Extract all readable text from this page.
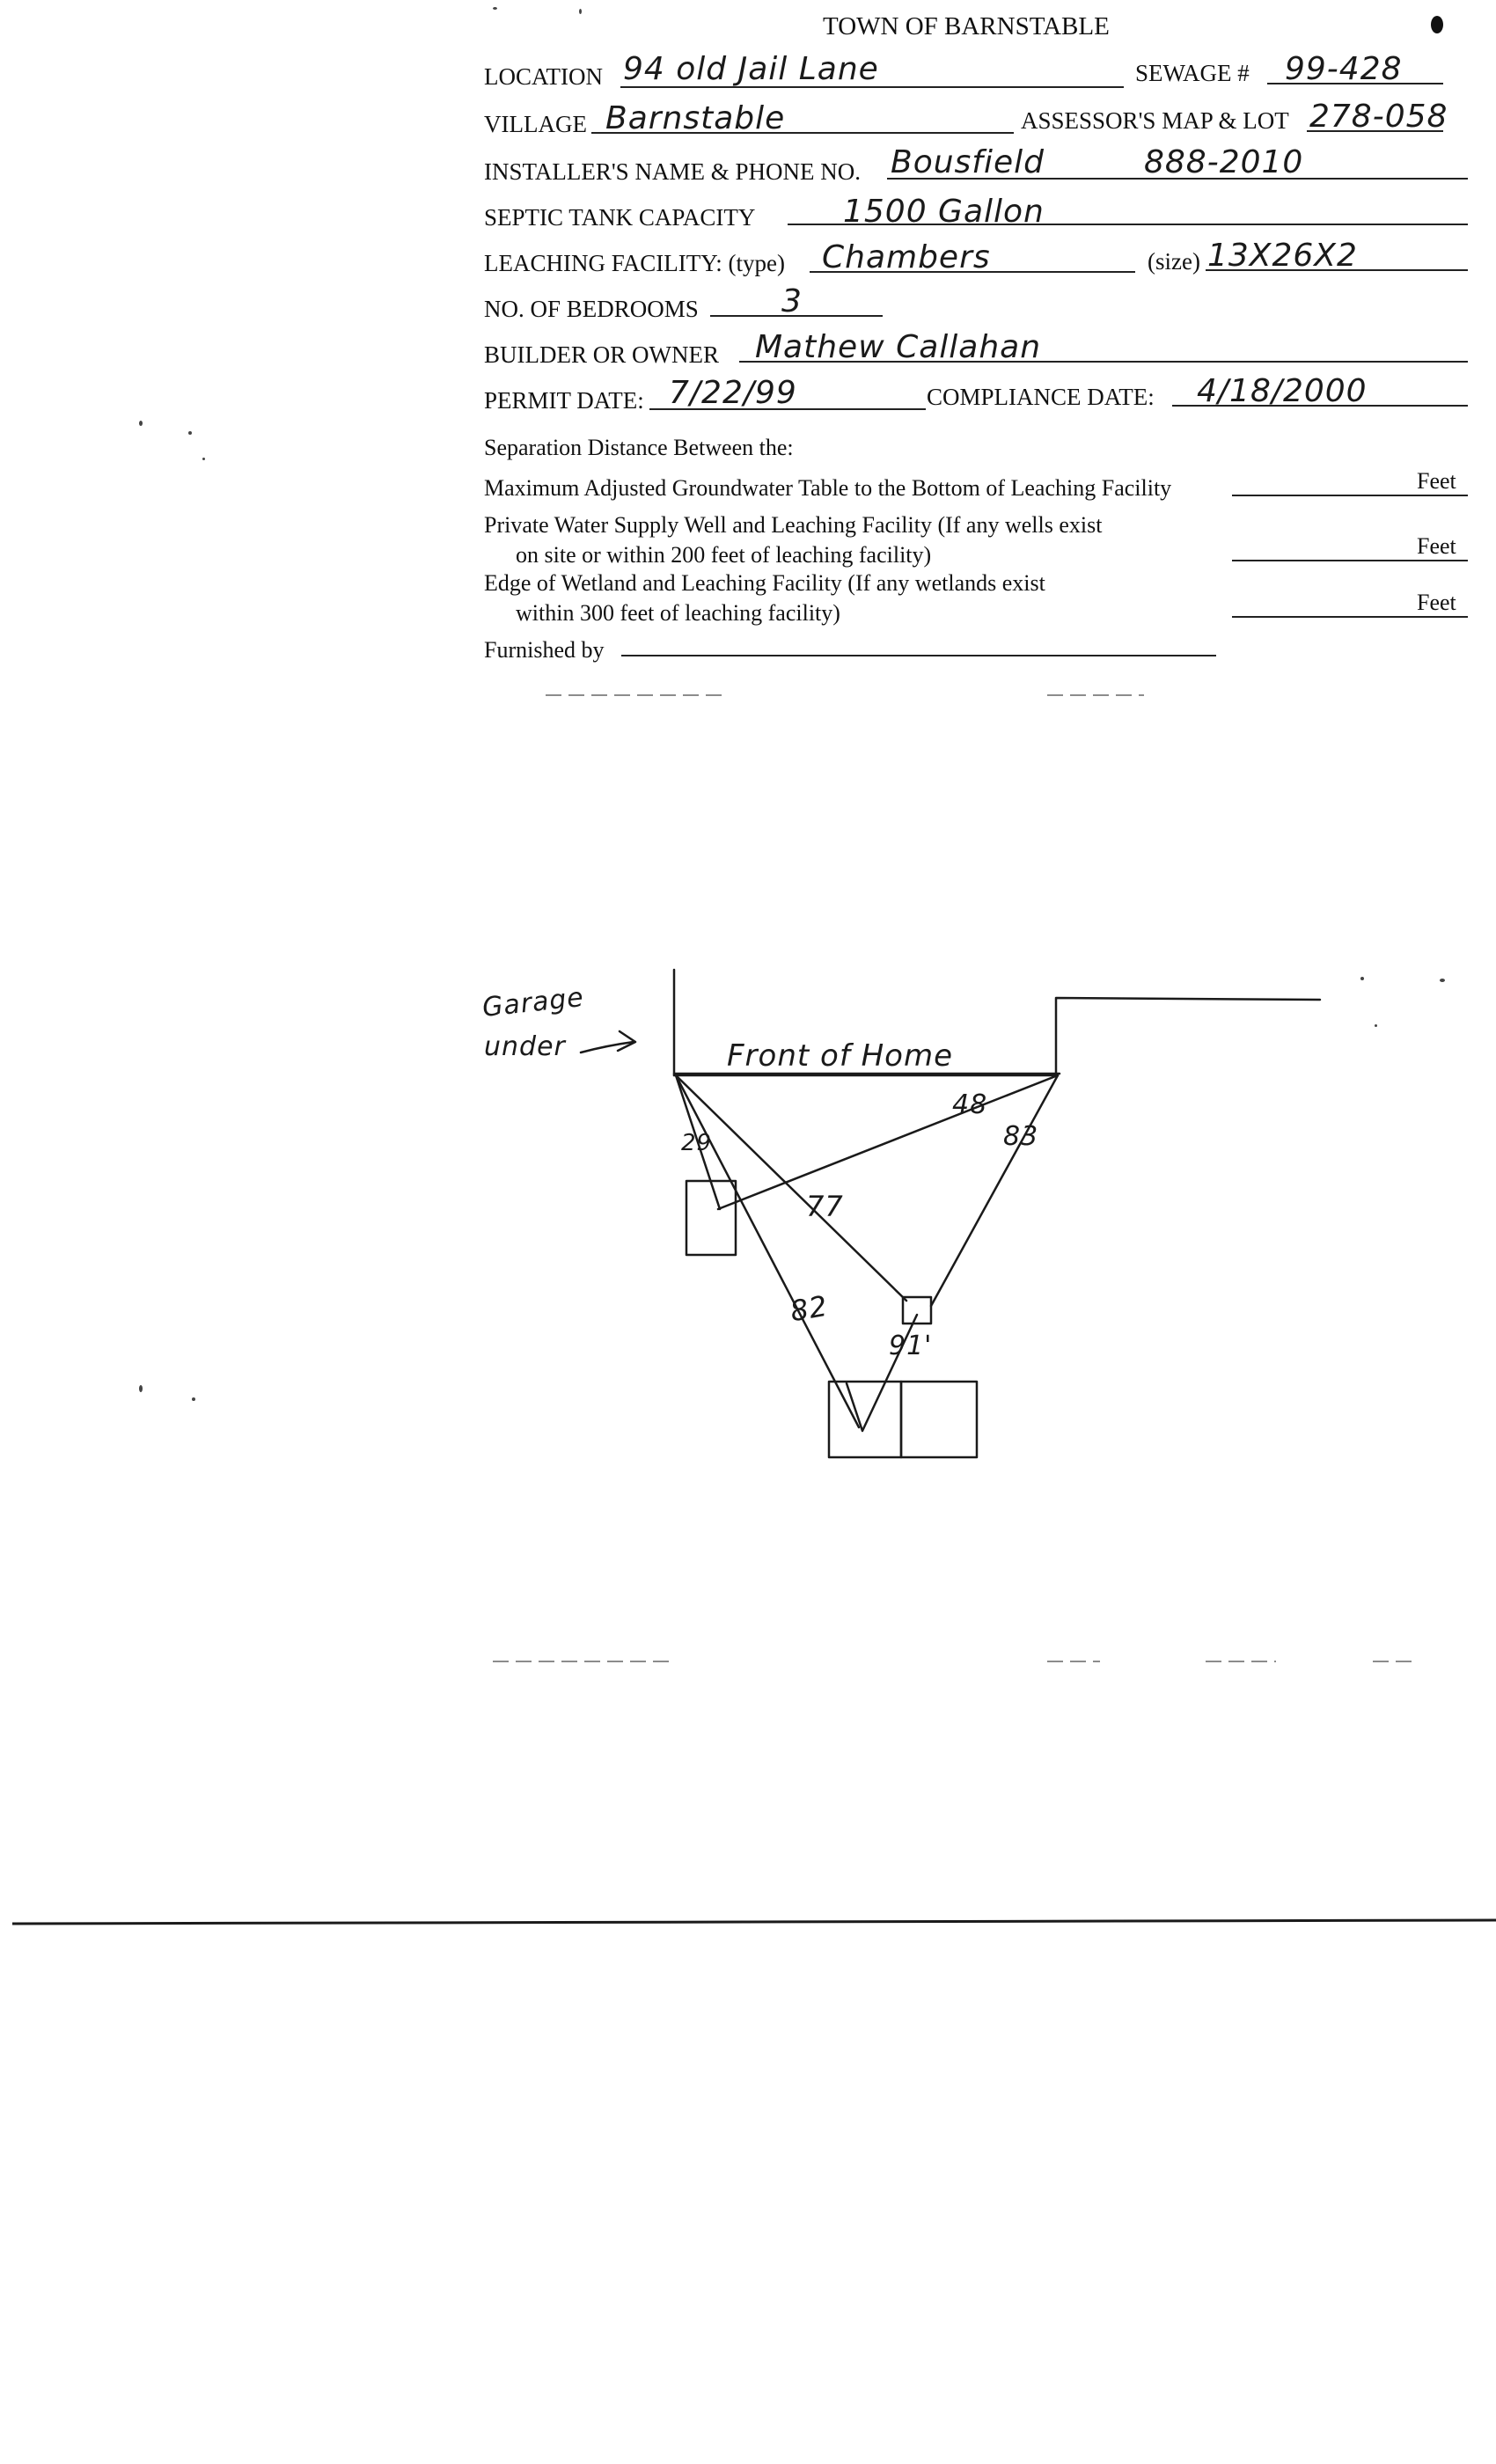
TOWN OF BARNSTABLE
LOCATION 94 old Jail Lane	SEWAGE # 99-428
VILLAGE Barnstable	ASSESSOR'S MAP & LOT 278-058
INSTALLER'S NAME & PHONE NO. Bousfield	888-2010
SEPTIC TANK CAPACITY	1500 Gallon
LEACHING FACILITY: (type) Chambers	(size) 13X26X2
NO. OF BEDROOMS	3
BUILDER OR OWNER Mathew Callahan
PERMIT DATE: 7/22/99	COMPLIANCE DATE: 4/18/2000
Separation Distance Between the:
Maximum Adjusted Groundwater Table to the Bottom of Leaching Facility	Feet
Private Water Supply Well and Leaching Facility (If any wells exist
on site or within 200 feet of leaching facility)	Feet
Edge of Wetland and Leaching Facility (If any wetlands exist
within 300 feet of leaching facility)	Feet
Furnished by
Garage
under	Front of Home
48
83
29
77
82
91'
